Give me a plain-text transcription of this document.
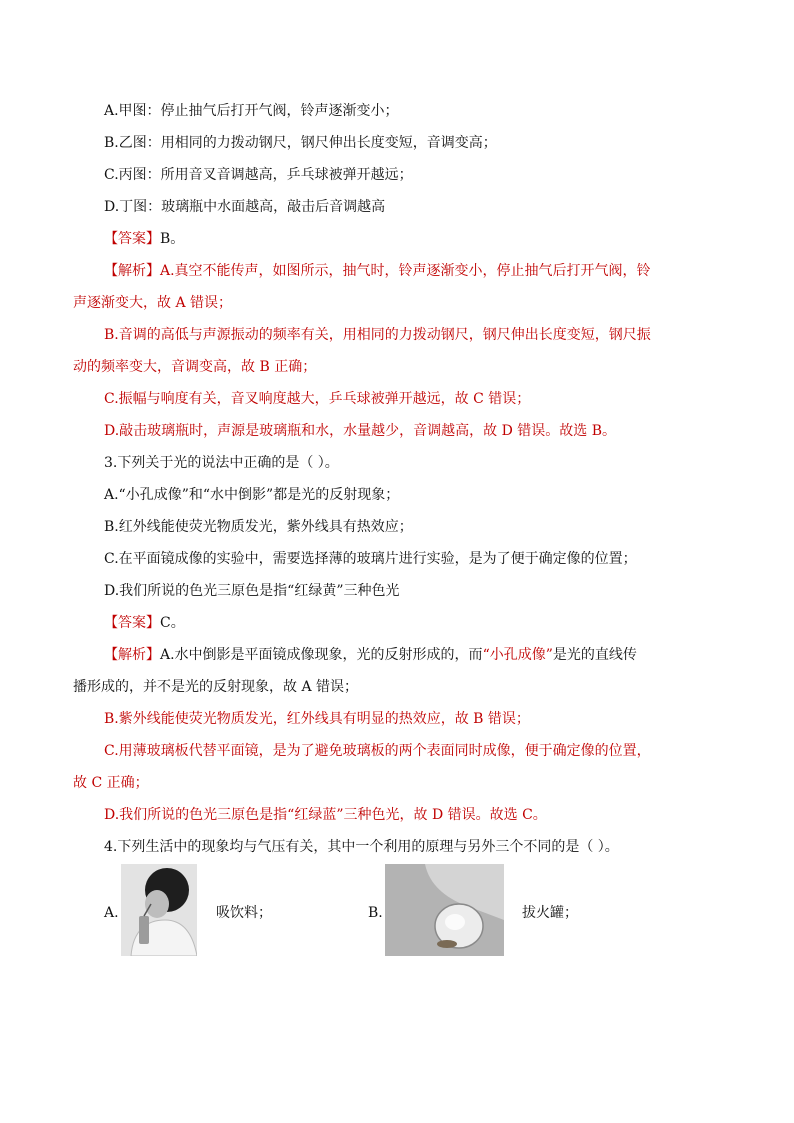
A.甲图：停止抽气后打开气阀，铃声逐渐变小；
B.乙图：用相同的力拨动钢尺，钢尺伸出长度变短，音调变高；
C.丙图：所用音叉音调越高，乒乓球被弹开越远；
D.丁图：玻璃瓶中水面越高，敲击后音调越高
【答案】B。
【解析】A.真空不能传声，如图所示，抽气时，铃声逐渐变小，停止抽气后打开气阀，铃
声逐渐变大，故 A 错误；
B.音调的高低与声源振动的频率有关，用相同的力拨动钢尺，钢尺伸出长度变短，钢尺振
动的频率变大，音调变高，故 B 正确；
C.振幅与响度有关，音叉响度越大，乒乓球被弹开越远，故 C 错误；
D.敲击玻璃瓶时，声源是玻璃瓶和水，水量越少，音调越高，故 D 错误。故选 B。
3.下列关于光的说法中正确的是（ ）。
A.“小孔成像”和“水中倒影”都是光的反射现象；
B.红外线能使荧光物质发光，紫外线具有热效应；
C.在平面镜成像的实验中，需要选择薄的玻璃片进行实验，是为了便于确定像的位置；
D.我们所说的色光三原色是指“红绿黄”三种色光
【答案】C。
【解析】A.水中倒影是平面镜成像现象，光的反射形成的，而“小孔成像”是光的直线传
播形成的，并不是光的反射现象，故 A 错误；
B.紫外线能使荧光物质发光，红外线具有明显的热效应，故 B 错误；
C.用薄玻璃板代替平面镜，是为了避免玻璃板的两个表面同时成像，便于确定像的位置，
故 C 正确；
D.我们所说的色光三原色是指“红绿蓝”三种色光，故 D 错误。故选 C。
4.下列生活中的现象均与气压有关，其中一个利用的原理与另外三个不同的是（ ）。
A.	吸饮料；	B.	拔火罐；
